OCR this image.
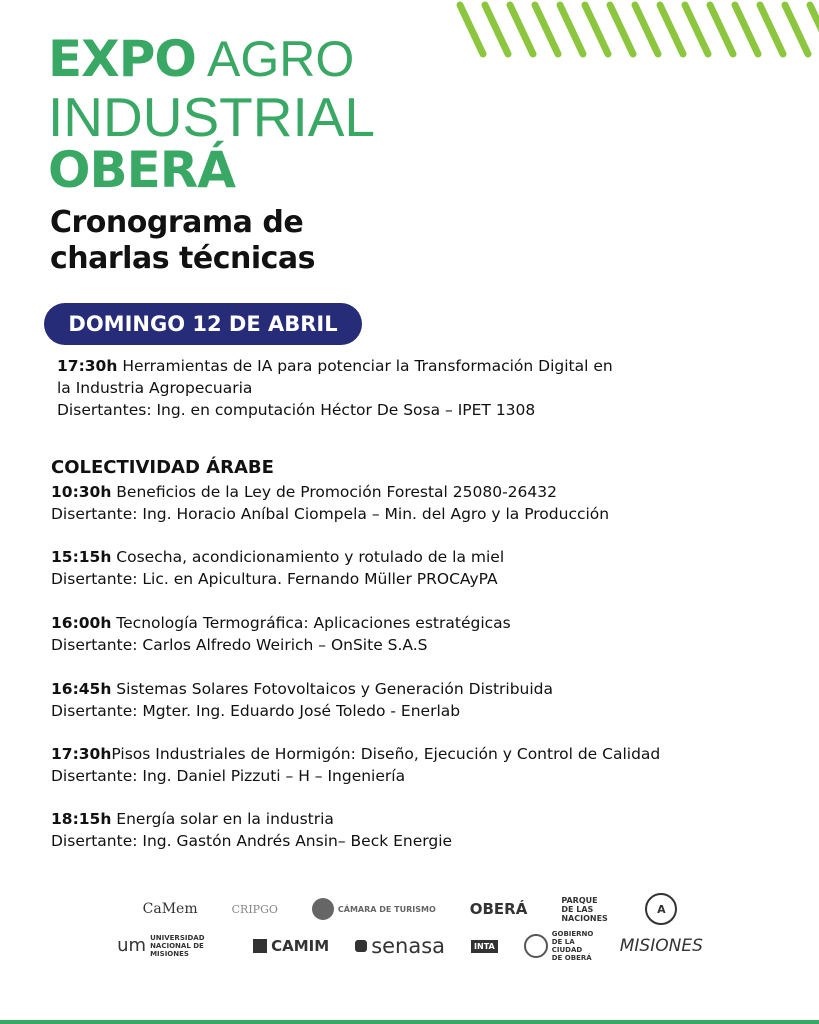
EXPO AGRO
INDUSTRIAL
OBERÁ
Cronograma de
charlas técnicas
DOMINGO 12 DE ABRIL
17:30h Herramientas de IA para potenciar la Transformación Digital en
la Industria Agropecuaria
Disertantes: Ing. en computación Héctor De Sosa – IPET 1308
COLECTIVIDAD ÁRABE
10:30h Beneficios de la Ley de Promoción Forestal 25080-26432
Disertante: Ing. Horacio Aníbal Ciompela – Min. del Agro y la Producción
15:15h Cosecha, acondicionamiento y rotulado de la miel
Disertante: Lic. en Apicultura. Fernando Müller PROCAyPA
16:00h Tecnología Termográfica: Aplicaciones estratégicas
Disertante: Carlos Alfredo Weirich – OnSite S.A.S
16:45h Sistemas Solares Fotovoltaicos y Generación Distribuida
Disertante: Mgter. Ing. Eduardo José Toledo - Enerlab
17:30hPisos Industriales de Hormigón: Diseño, Ejecución y Control de Calidad
Disertante: Ing. Daniel Pizzuti – H – Ingeniería
18:15h Energía solar en la industria
Disertante: Ing. Gastón Andrés Ansin– Beck Energie
CaMem	CRIPGO	CÁMARA DE TURISMO OBERÁ	PARQUE DE LAS NACIONES
A
um UNIVERSIDAD NACIONAL DE MISIONES	CAMIM senasa	INTA
GOBIERNO DE LA CIUDAD DE OBERÁ
MISIONES
